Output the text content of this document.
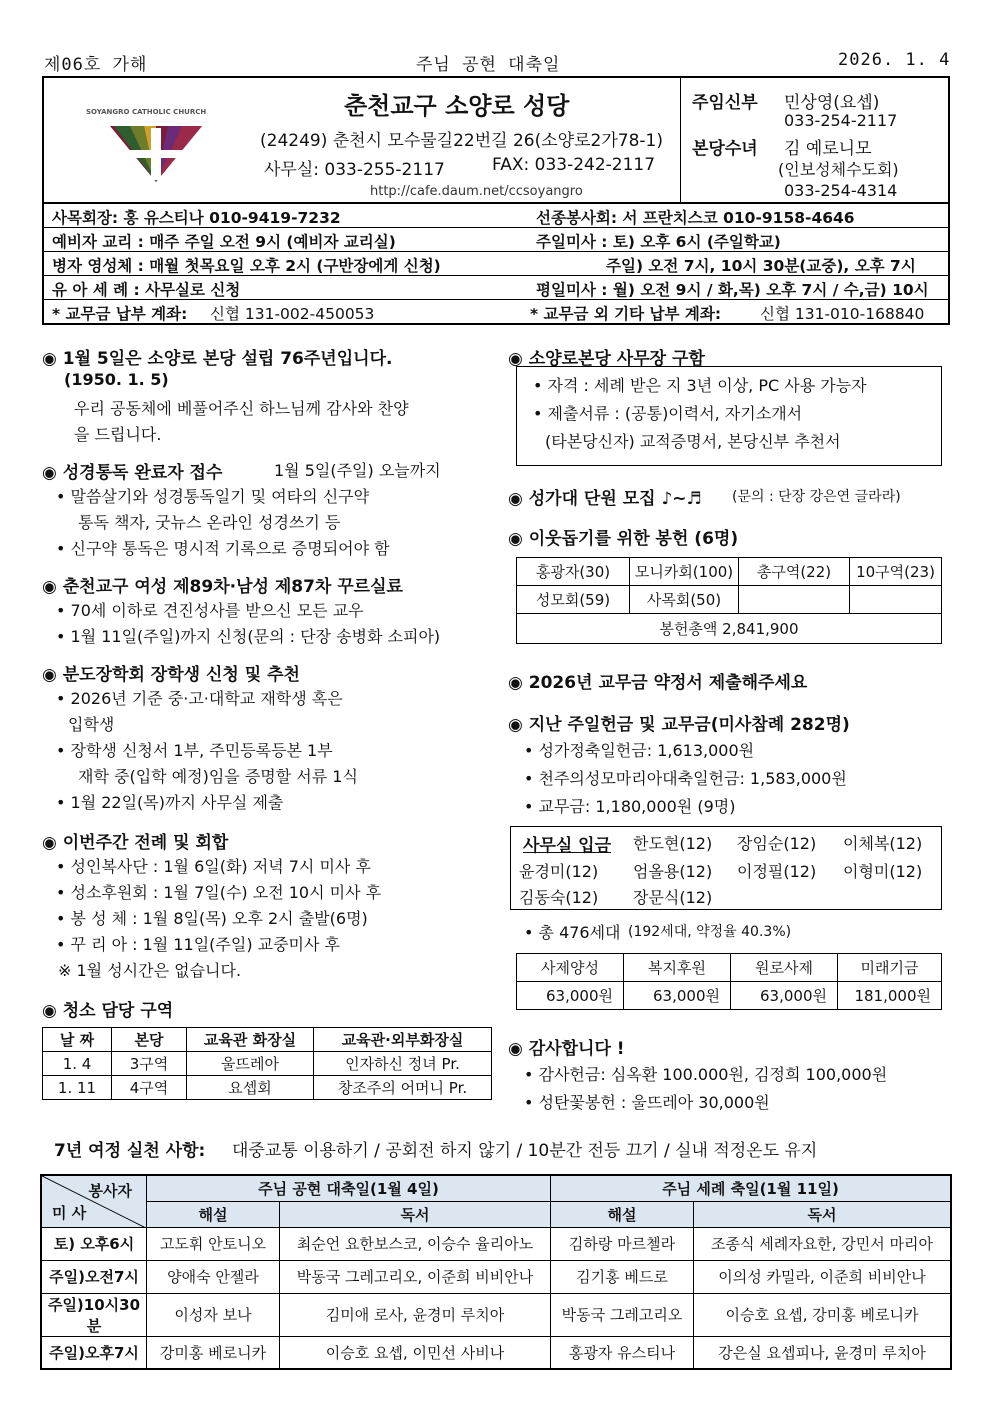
제06호 가해	주님 공현 대축일	2026. 1. 4
SOYANGRO CATHOLIC CHURCH	춘천교구 소양로 성당
(24249) 춘천시 모수물길22번길 26(소양로2가78-1)
사무실: 033-255-2117	FAX: 033-242-2117
http://cafe.daum.net/ccsoyangro
주임신부 민상영(요셉)
033-254-2117
본당수녀 김 예로니모
(인보성체수도회)
033-254-4314
사목회장: 홍 유스티나 010-9419-7232	선종봉사회: 서 프란치스코 010-9158-4646
예비자 교리 : 매주 주일 오전 9시 (예비자 교리실)	주일미사 : 토) 오후 6시 (주일학교)
병자 영성체 : 매월 첫목요일 오후 2시 (구반장에게 신청)	주일) 오전 7시, 10시 30분(교중), 오후 7시
유 아 세 례 : 사무실로 신청	평일미사 : 월) 오전 9시 / 화,목) 오후 7시 / 수,금) 10시
* 교무금 납부 계좌: 신협 131-002-450053	* 교무금 외 기타 납부 계좌:	신협 131-010-168840
◉ 1월 5일은 소양로 본당 설립 76주년입니다.
(1950. 1. 5)
우리 공동체에 베풀어주신 하느님께 감사와 찬양
을 드립니다.
◉ 성경통독 완료자 접수	1월 5일(주일) 오늘까지
• 말씀살기와 성경통독일기 및 여타의 신구약
통독 책자, 굿뉴스 온라인 성경쓰기 등
• 신구약 통독은 명시적 기록으로 증명되어야 함
◉ 춘천교구 여성 제89차·남성 제87차 꾸르실료
• 70세 이하로 견진성사를 받으신 모든 교우
• 1월 11일(주일)까지 신청(문의 : 단장 송병화 소피아)
◉ 분도장학회 장학생 신청 및 추천
• 2026년 기준 중·고·대학교 재학생 혹은
입학생
• 장학생 신청서 1부, 주민등록등본 1부
재학 중(입학 예정)임을 증명할 서류 1식
• 1월 22일(목)까지 사무실 제출
◉ 이번주간 전례 및 회합
• 성인복사단 : 1월 6일(화) 저녁 7시 미사 후
• 성소후원회 : 1월 7일(수) 오전 10시 미사 후
• 봉 성 체 : 1월 8일(목) 오후 2시 출발(6명)
• 꾸 리 아 : 1월 11일(주일) 교중미사 후
※ 1월 성시간은 없습니다.
◉ 청소 담당 구역
날 짜	본당	교육관 화장실	교육관·외부화장실
1. 4	3구역	울뜨레아	인자하신 정녀 Pr.
1. 11	4구역	요셉회	창조주의 어머니 Pr.
◉ 소양로본당 사무장 구함
• 자격 : 세례 받은 지 3년 이상, PC 사용 가능자
• 제출서류 : (공통)이력서, 자기소개서
(타본당신자) 교적증명서, 본당신부 추천서
◉ 성가대 단원 모집 ♪~♬ (문의 : 단장 강은연 글라라)
◉ 이웃돕기를 위한 봉헌 (6명)
홍광자(30)	모니카회(100)	총구역(22)	10구역(23)
성모회(59)	사목회(50)		
봉헌총액 2,841,900			
◉ 2026년 교무금 약정서 제출해주세요
◉ 지난 주일헌금 및 교무금(미사참례 282명)
• 성가정축일헌금: 1,613,000원
• 천주의성모마리아대축일헌금: 1,583,000원
• 교무금: 1,180,000원 (9명)
사무실 입금 한도현(12) 장임순(12) 이체복(12)
윤경미(12) 엄올용(12) 이정필(12) 이형미(12)
김동숙(12) 장문식(12)
• 총 476세대 (192세대, 약정율 40.3%)
사제양성	복지후원	원로사제	미래기금
63,000원	63,000원	63,000원	181,000원
◉ 감사합니다 !
• 감사헌금: 심옥환 100.000원, 김정희 100,000원
• 성탄꽃봉헌 : 울뜨레아 30,000원
7년 여정 실천 사항: 대중교통 이용하기 / 공회전 하지 않기 / 10분간 전등 끄기 / 실내 적정온도 유지
봉사자
미 사	주님 공현 대축일(1월 4일)		주님 세례 축일(1월 11일)	
	해설	독서	해설	독서
토) 오후6시	고도휘 안토니오	최순언 요한보스코, 이승수 율리아노	김하랑 마르첼라	조종식 세례자요한, 강민서 마리아
주일)오전7시	양애숙 안젤라	박동국 그레고리오, 이준희 비비안나	김기홍 베드로	이의성 카밀라, 이준희 비비안나
주일)10시30분	이성자 보나	김미애 로사, 윤경미 루치아	박동국 그레고리오	이승호 요셉, 강미홍 베로니카
주일)오후7시	강미홍 베로니카	이승호 요셉, 이민선 사비나	홍광자 유스티나	강은실 요셉피나, 윤경미 루치아
